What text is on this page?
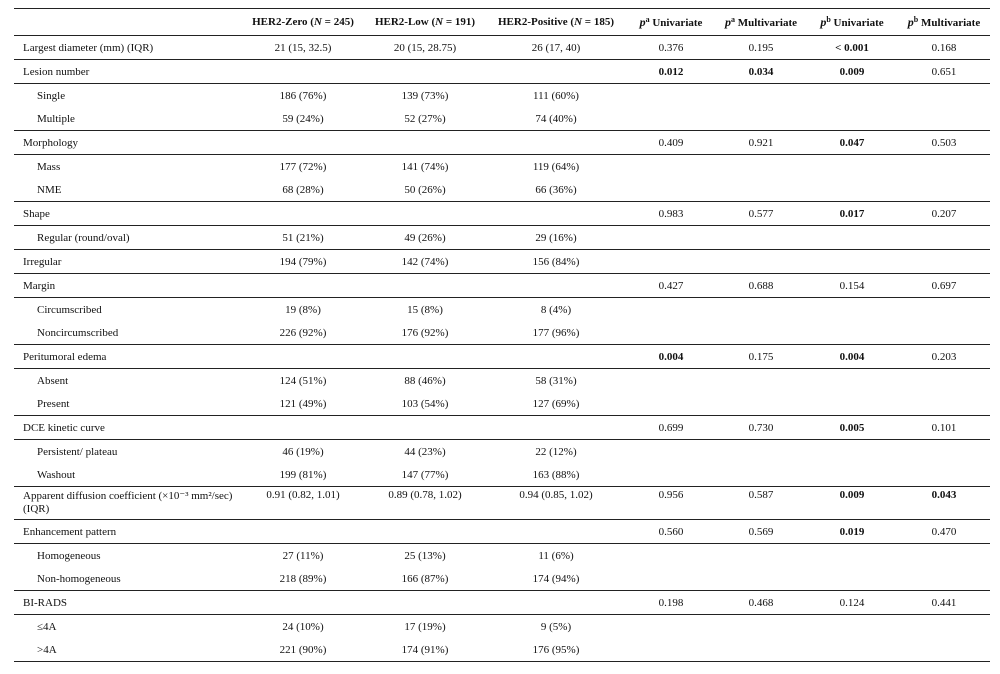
	HER2-Zero (N = 245)	HER2-Low (N = 191)	HER2-Positive (N = 185)	$p^a$ Univariate	$p^a$ Multivariate	$p^b$ Univariate	$p^b$ Multivariate
Largest diameter (mm) (IQR)	21 (15, 32.5)	20 (15, 28.75)	26 (17, 40)	0.376	0.195	< 0.001	0.168
Lesion number				0.012	0.034	0.009	0.651
Single	186 (76%)	139 (73%)	111 (60%)				
Multiple	59 (24%)	52 (27%)	74 (40%)				
Morphology				0.409	0.921	0.047	0.503
Mass	177 (72%)	141 (74%)	119 (64%)				
NME	68 (28%)	50 (26%)	66 (36%)				
Shape				0.983	0.577	0.017	0.207
Regular (round/oval)	51 (21%)	49 (26%)	29 (16%)				
Irregular	194 (79%)	142 (74%)	156 (84%)				
Margin				0.427	0.688	0.154	0.697
Circumscribed	19 (8%)	15 (8%)	8 (4%)				
Noncircumscribed	226 (92%)	176 (92%)	177 (96%)				
Peritumoral edema				0.004	0.175	0.004	0.203
Absent	124 (51%)	88 (46%)	58 (31%)				
Present	121 (49%)	103 (54%)	127 (69%)				
DCE kinetic curve				0.699	0.730	0.005	0.101
Persistent/ plateau	46 (19%)	44 (23%)	22 (12%)				
Washout	199 (81%)	147 (77%)	163 (88%)				
Apparent diffusion coefficient (×10⁻³ mm²/sec) (IQR)	0.91 (0.82, 1.01)	0.89 (0.78, 1.02)	0.94 (0.85, 1.02)	0.956	0.587	0.009	0.043
Enhancement pattern				0.560	0.569	0.019	0.470
Homogeneous	27 (11%)	25 (13%)	11 (6%)				
Non-homogeneous	218 (89%)	166 (87%)	174 (94%)				
BI-RADS				0.198	0.468	0.124	0.441
≤4A	24 (10%)	17 (19%)	9 (5%)				
>4A	221 (90%)	174 (91%)	176 (95%)				
